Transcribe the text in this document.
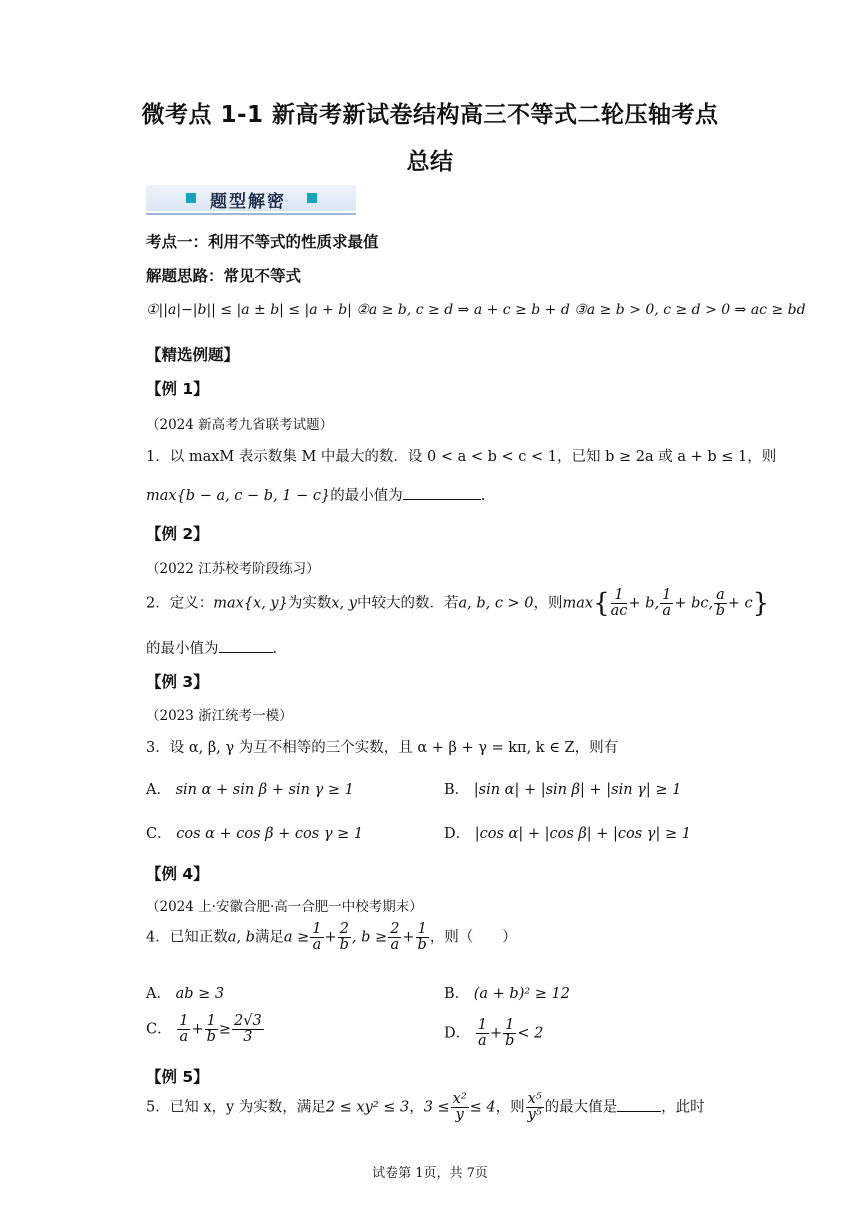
微考点 1-1 新高考新试卷结构高三不等式二轮压轴考点
总结
题型解密
考点一：利用不等式的性质求最值
解题思路：常见不等式
①||a|−|b|| ≤ |a ± b| ≤ |a + b| ②a ≥ b, c ≥ d ⇒ a + c ≥ b + d ③a ≥ b > 0, c ≥ d > 0 ⇒ ac ≥ bd
【精选例题】
【例 1】
（2024 新高考九省联考试题）
1．以 maxM 表示数集 M 中最大的数．设 0 < a < b < c < 1，已知 b ≥ 2a 或 a + b ≤ 1，则
max{b − a, c − b, 1 − c}的最小值为	.
【例 2】
（2022 江苏校考阶段练习）
2．定义：max{x, y}为实数x, y中较大的数．若a, b, c > 0，则$\max\{ \frac{1}{ac} + b$, $\frac{1}{a}$ + bc, $\frac{a}{b} + c$}
的最小值为	.
【例 3】
（2023 浙江统考一模）
3．设 α, β, γ 为互不相等的三个实数，且 α + β + γ = kπ, k ∈ Z，则有
A． sin α + sin β + sin γ ≥ 1	B． |sin α| + |sin β| + |sin γ| ≥ 1
C． cos α + cos β + cos γ ≥ 1	D． |cos α| + |cos β| + |cos γ| ≥ 1
【例 4】
（2024 上·安徽合肥·高一合肥一中校考期末）
4．已知正数a, b满足$a \ge \frac{1}{a} + \frac{2}{b}$ , $b \ge \frac{2}{a} + \frac{1}{b}$ ，则（　　）
A． ab ≥ 3	B． (a + b)² ≥ 12
C． $\frac{1}{a} + \frac{1}{b} \ge \frac{2√3}{3}$	D． $\frac{1}{a} + \frac{1}{b} < 2$
【例 5】
5．已知 x，y 为实数，满足2 ≤ xy² ≤ 3，$3 \le \frac{\text{x²}}{y} \le 4$，则 $\frac{\text{x⁵}}{\text{y⁵}}$ 的最大值是	，此时
试卷第 1页，共 7页
